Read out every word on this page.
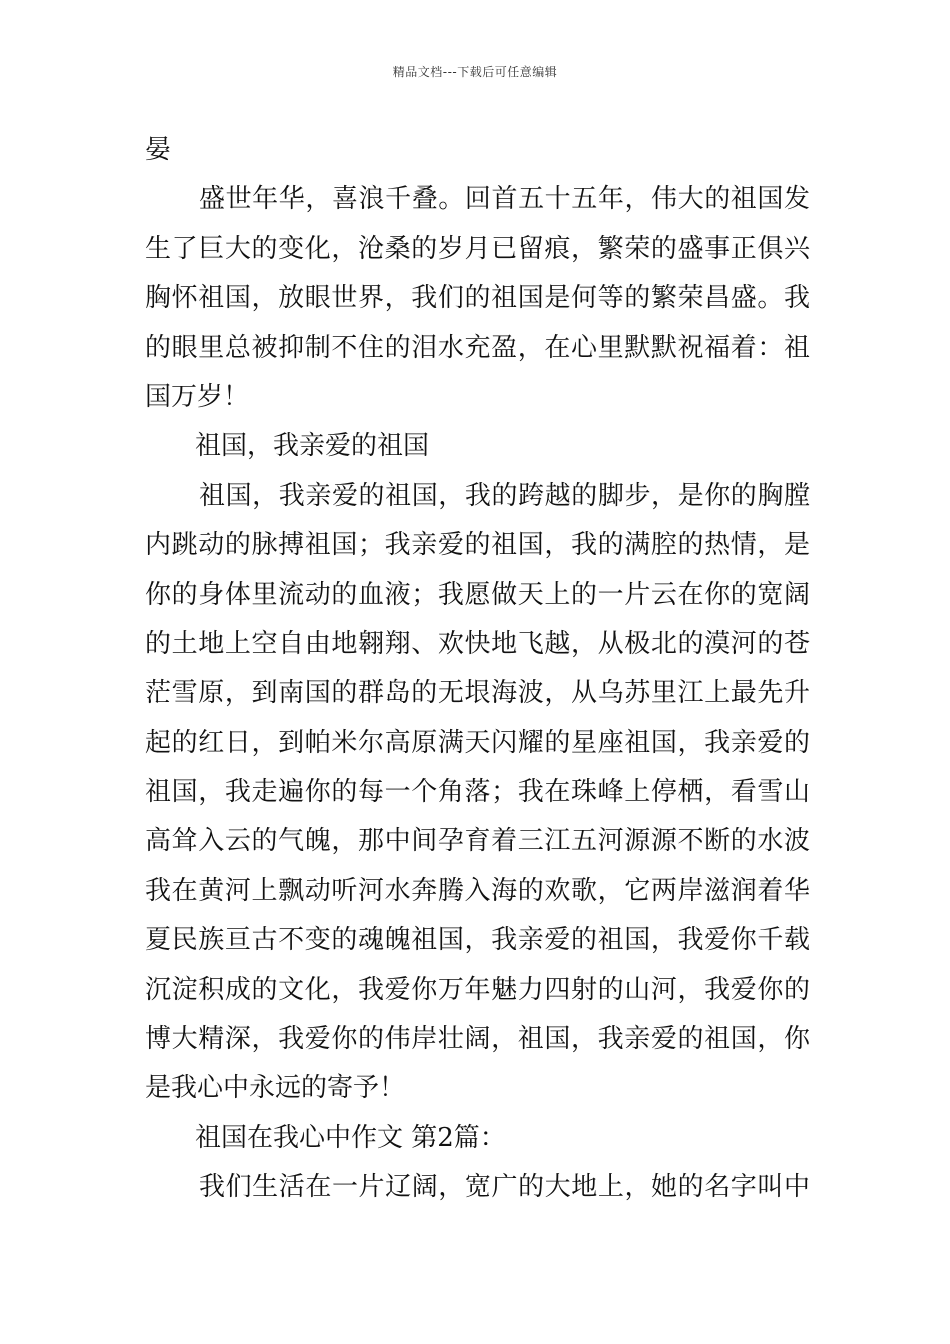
精品文档---下载后可任意编辑
晏
盛世年华，喜浪千叠。回首五十五年，伟大的祖国发
生了巨大的变化，沧桑的岁月已留痕，繁荣的盛事正俱兴
胸怀祖国，放眼世界，我们的祖国是何等的繁荣昌盛。我
的眼里总被抑制不住的泪水充盈，在心里默默祝福着：祖
国万岁！
祖国，我亲爱的祖国
祖国，我亲爱的祖国，我的跨越的脚步，是你的胸膛
内跳动的脉搏祖国；我亲爱的祖国，我的满腔的热情，是
你的身体里流动的血液；我愿做天上的一片云在你的宽阔
的土地上空自由地翱翔、欢快地飞越，从极北的漠河的苍
茫雪原，到南国的群岛的无垠海波，从乌苏里江上最先升
起的红日，到帕米尔高原满天闪耀的星座祖国，我亲爱的
祖国，我走遍你的每一个角落；我在珠峰上停栖，看雪山
高耸入云的气魄，那中间孕育着三江五河源源不断的水波
我在黄河上飘动听河水奔腾入海的欢歌，它两岸滋润着华
夏民族亘古不变的魂魄祖国，我亲爱的祖国，我爱你千载
沉淀积成的文化，我爱你万年魅力四射的山河，我爱你的
博大精深，我爱你的伟岸壮阔，祖国，我亲爱的祖国，你
是我心中永远的寄予！
祖国在我心中作文 第2篇：
我们生活在一片辽阔，宽广的大地上，她的名字叫中
